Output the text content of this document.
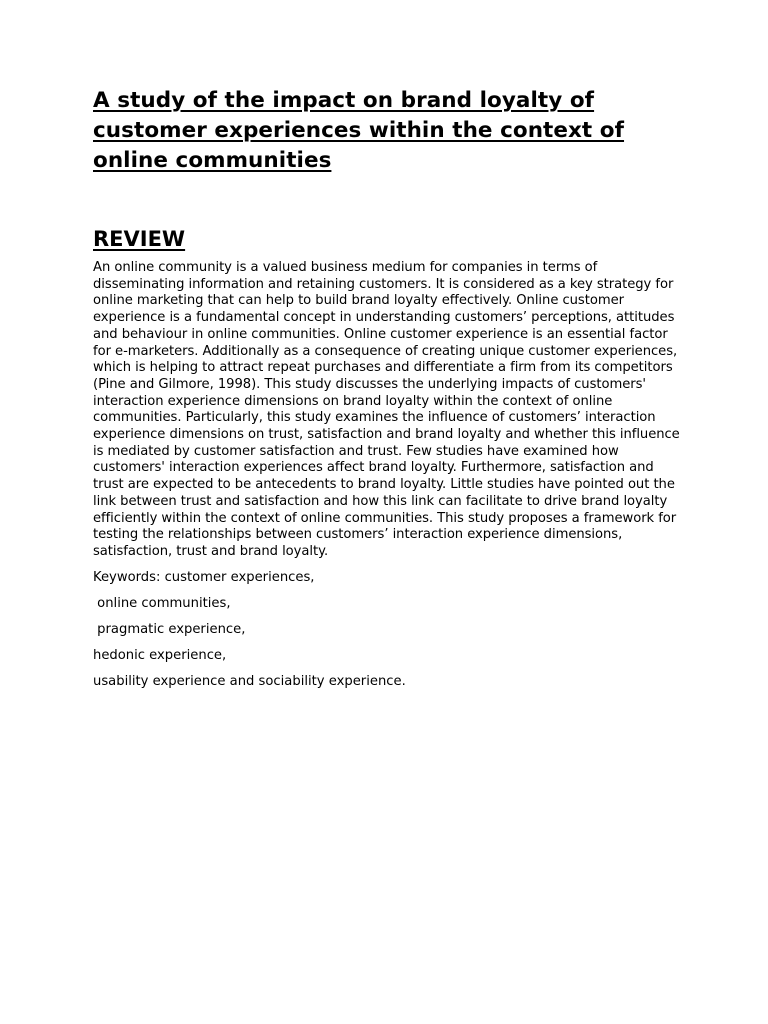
A study of the impact on brand loyalty of customer experiences within the context of online communities
REVIEW

An online community is a valued business medium for companies in terms of disseminating information and retaining customers. It is considered as a key strategy for online marketing that can help to build brand loyalty effectively. Online customer experience is a fundamental concept in understanding customers’ perceptions, attitudes and behaviour in online communities. Online customer experience is an essential factor for e-marketers. Additionally as a consequence of creating unique customer experiences, which is helping to attract repeat purchases and differentiate a firm from its competitors (Pine and Gilmore, 1998). This study discusses the underlying impacts of customers' interaction experience dimensions on brand loyalty within the context of online communities. Particularly, this study examines the influence of customers’ interaction experience dimensions on trust, satisfaction and brand loyalty and whether this influence is mediated by customer satisfaction and trust. Few studies have examined how customers' interaction experiences affect brand loyalty. Furthermore, satisfaction and trust are expected to be antecedents to brand loyalty. Little studies have pointed out the link between trust and satisfaction and how this link can facilitate to drive brand loyalty efficiently within the context of online communities. This study proposes a framework for testing the relationships between customers’ interaction experience dimensions, satisfaction, trust and brand loyalty.

Keywords: customer experiences,

online communities,

pragmatic experience,

hedonic experience,

usability experience and sociability experience.
